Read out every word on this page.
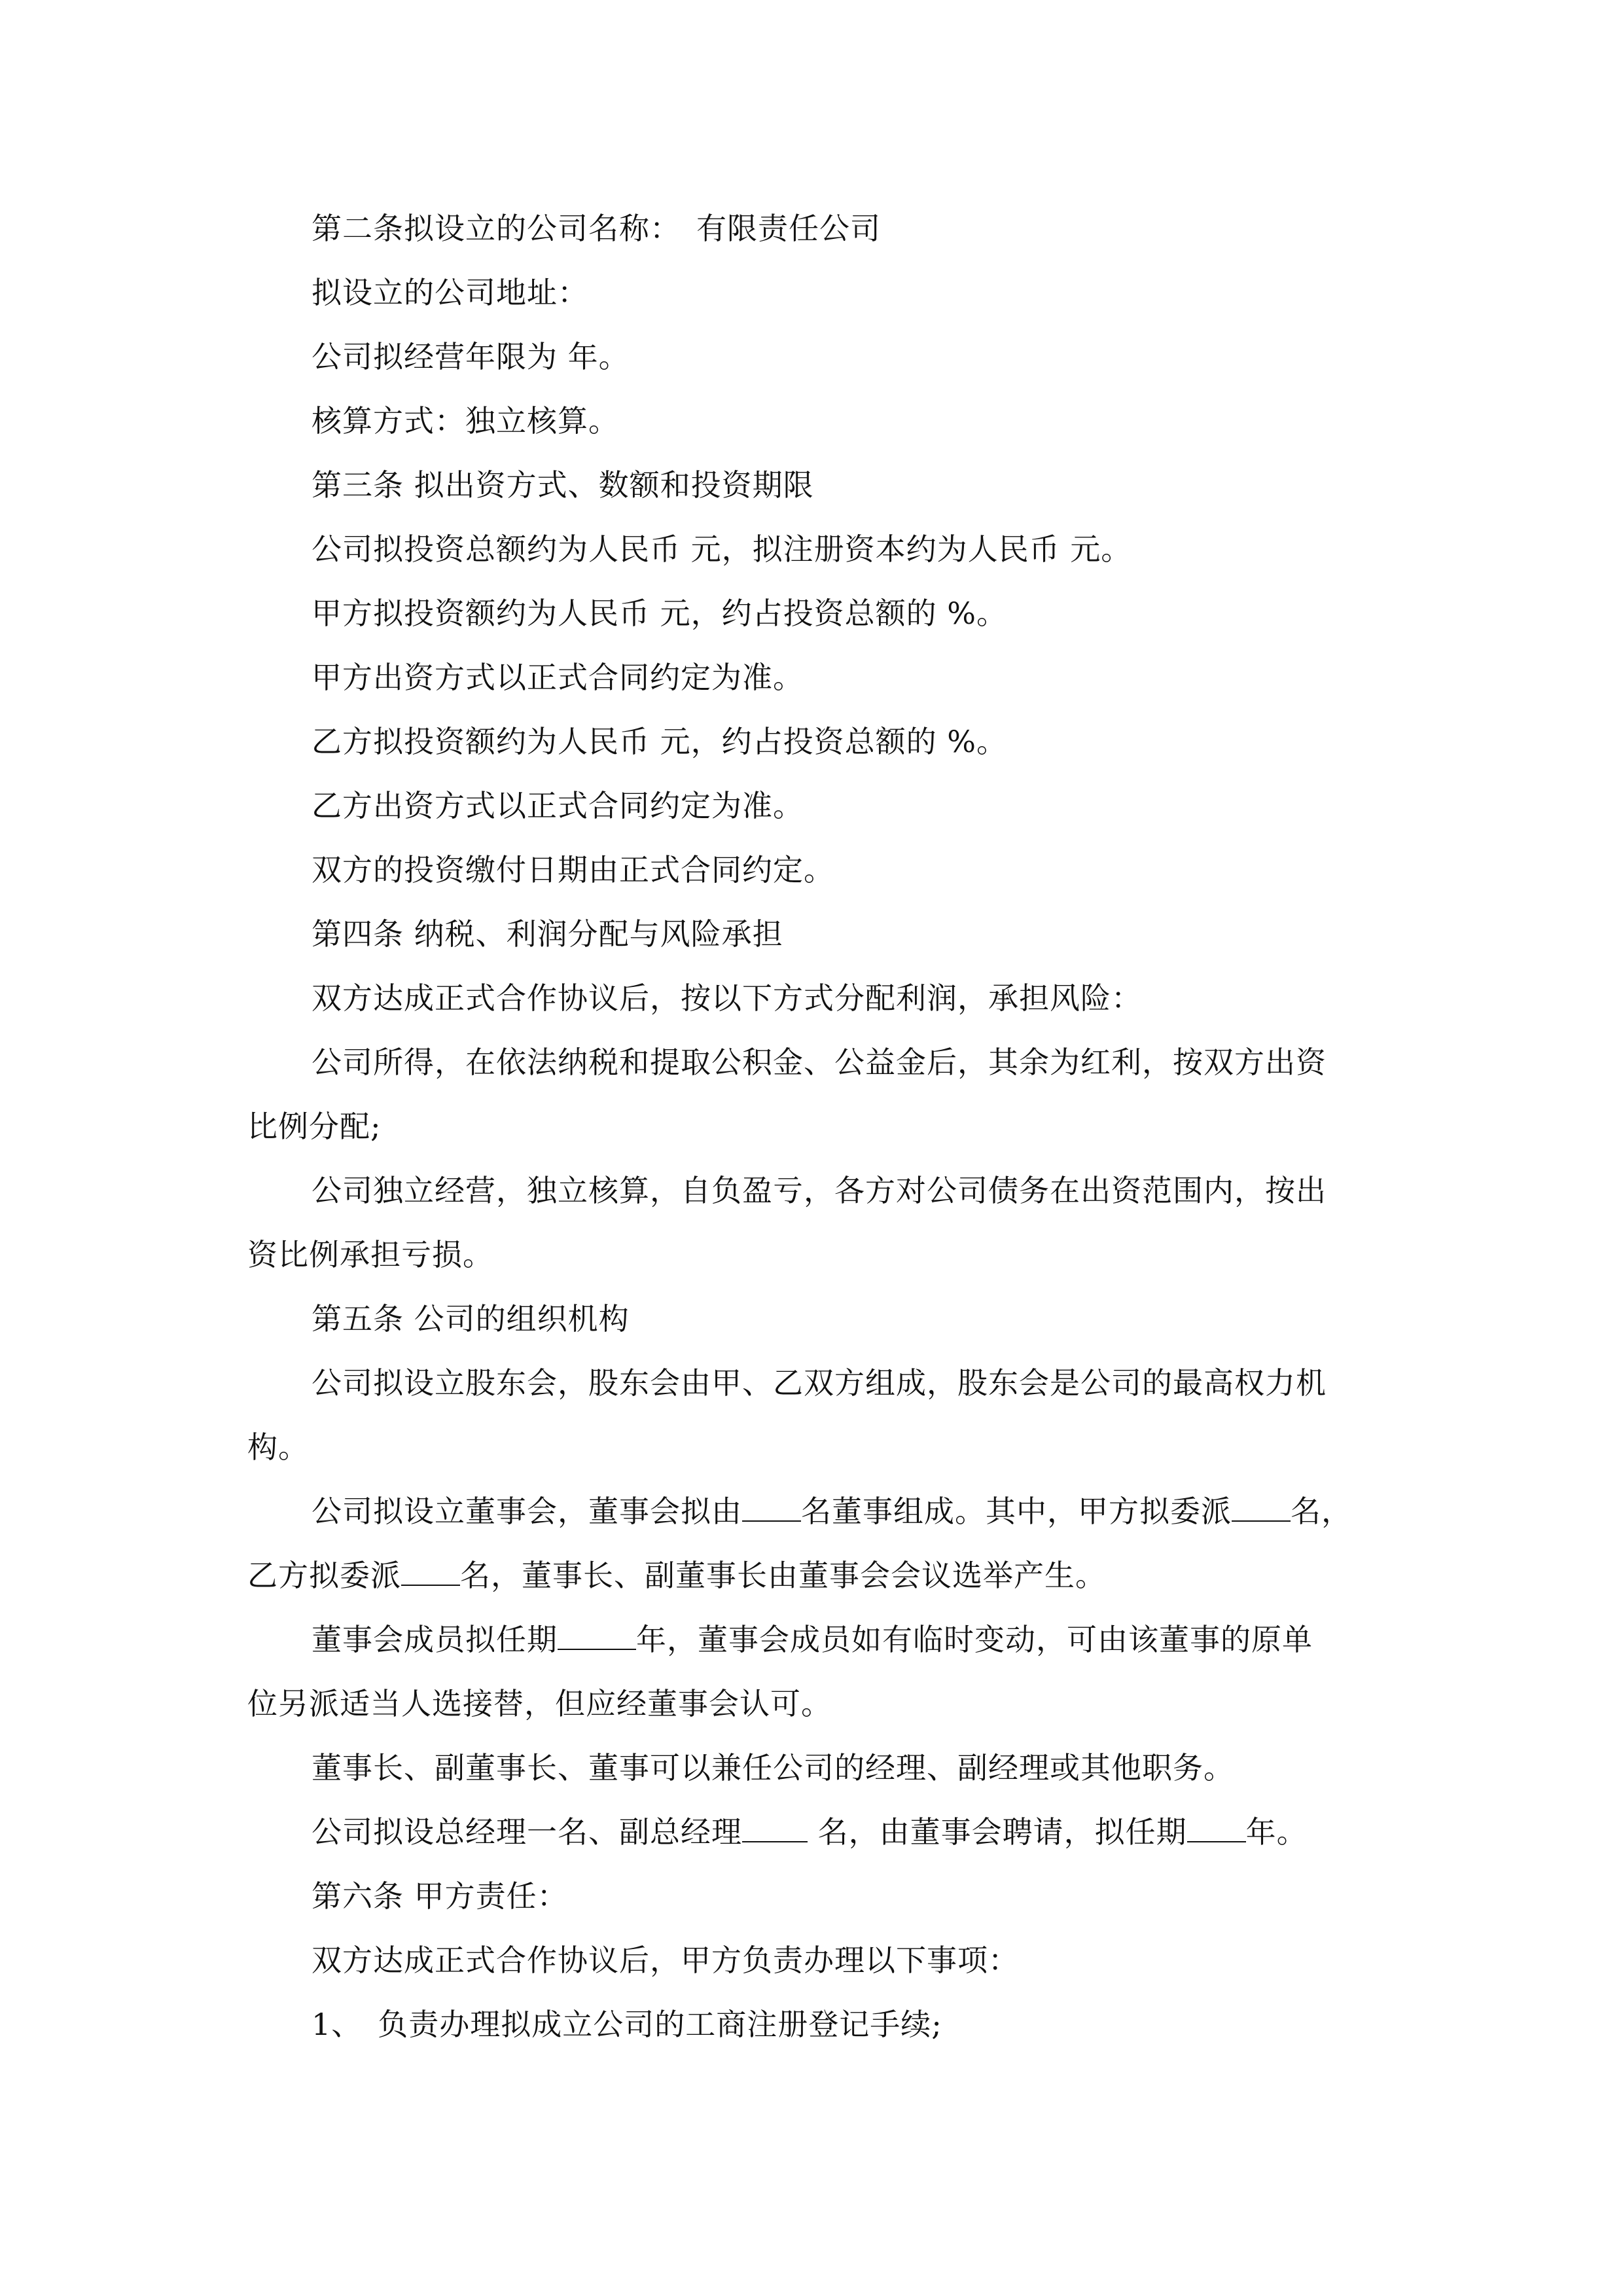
第二条拟设立的公司名称：　有限责任公司
拟设立的公司地址：
公司拟经营年限为 年。
核算方式：独立核算。
第三条 拟出资方式、数额和投资期限
公司拟投资总额约为人民币 元，拟注册资本约为人民币 元。
甲方拟投资额约为人民币 元，约占投资总额的 %。
甲方出资方式以正式合同约定为准。
乙方拟投资额约为人民币 元，约占投资总额的 %。
乙方出资方式以正式合同约定为准。
双方的投资缴付日期由正式合同约定。
第四条 纳税、利润分配与风险承担
双方达成正式合作协议后，按以下方式分配利润，承担风险：
公司所得，在依法纳税和提取公积金、公益金后，其余为红利，按双方出资
比例分配;
公司独立经营，独立核算，自负盈亏，各方对公司债务在出资范围内，按出
资比例承担亏损。
第五条 公司的组织机构
公司拟设立股东会，股东会由甲、乙双方组成，股东会是公司的最高权力机
构。
公司拟设立董事会，董事会拟由 名董事组成。其中，甲方拟委派 名，
乙方拟委派 名，董事长、副董事长由董事会会议选举产生。
董事会成员拟任期	年，董事会成员如有临时变动，可由该董事的原单
位另派适当人选接替，但应经董事会认可。
董事长、副董事长、董事可以兼任公司的经理、副经理或其他职务。
公司拟设总经理一名、副总经理 名，由董事会聘请，拟任期 年。
第六条 甲方责任：
双方达成正式合作协议后，甲方负责办理以下事项：
1、　负责办理拟成立公司的工商注册登记手续;
